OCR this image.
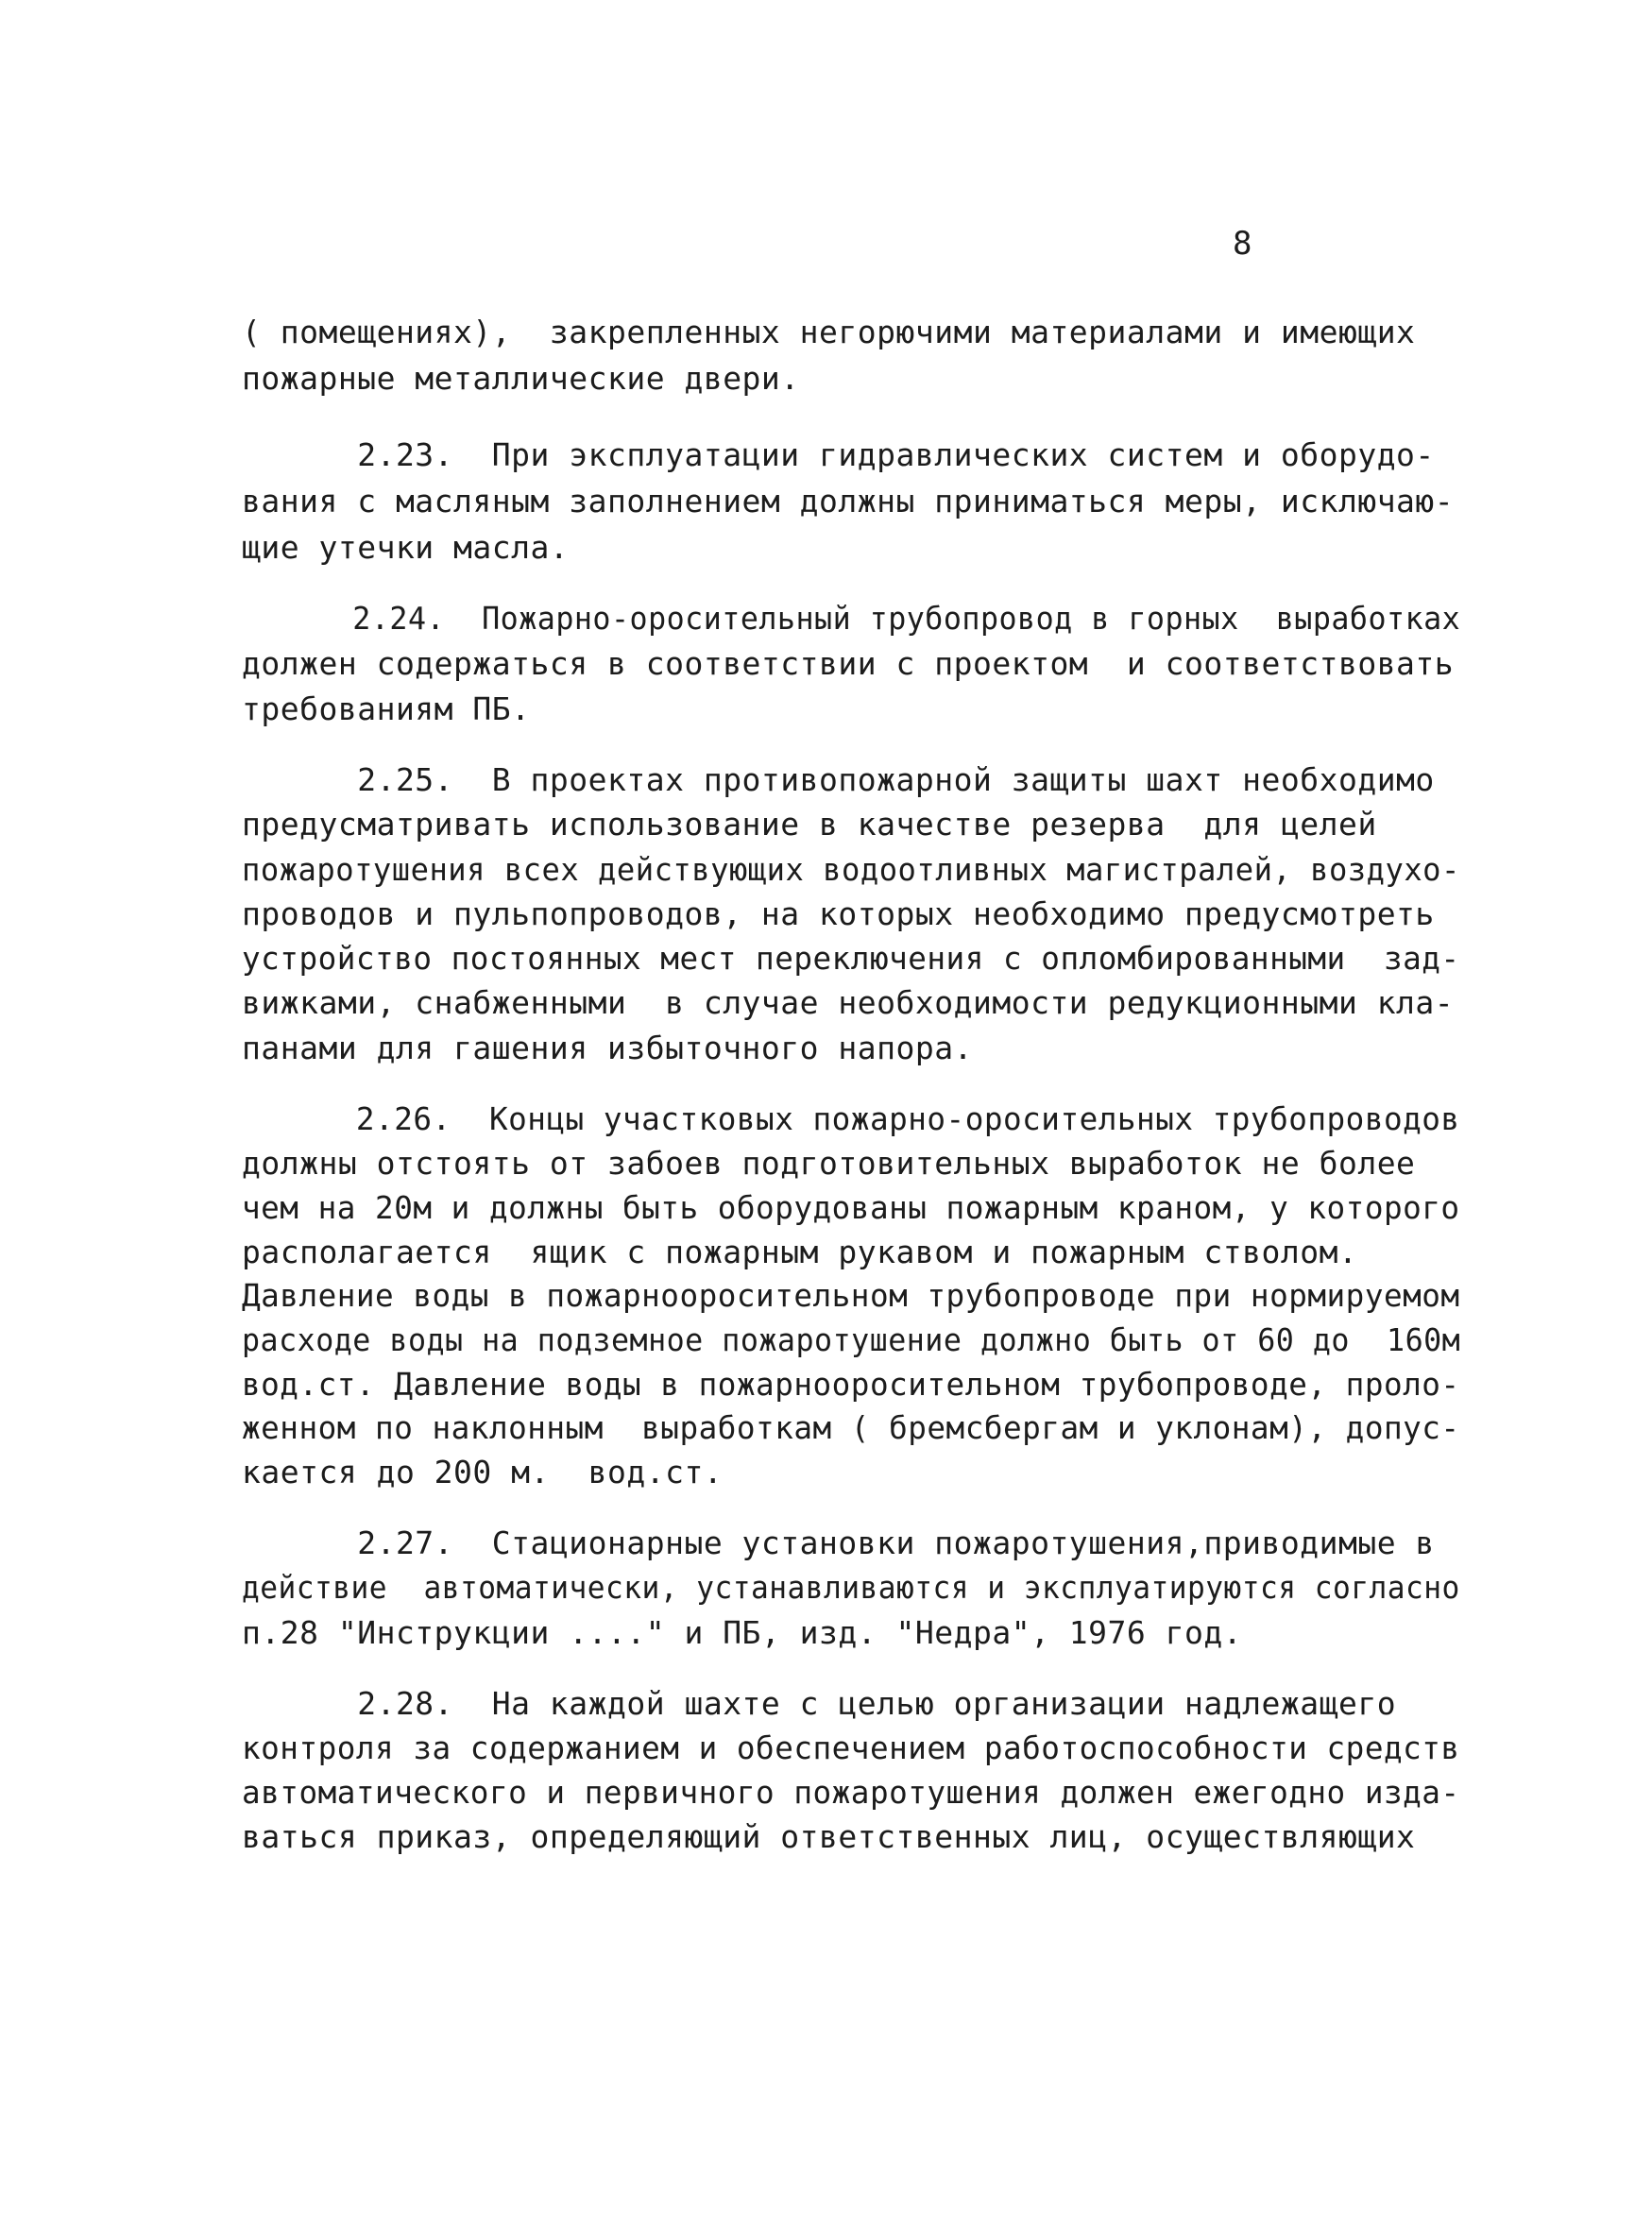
8
( помещениях),  закрепленных негорючими материалами и имеющих
пожарные металлические двери.
2.23.  При эксплуатации гидравлических систем и оборудо-
вания с масляным заполнением должны приниматься меры, исключаю-
щие утечки масла.
2.24.  Пожарно-оросительный трубопровод в горных  выработках
должен содержаться в соответствии с проектом  и соответствовать
требованиям ПБ.
2.25.  В проектах противопожарной защиты шахт необходимо
предусматривать использование в качестве резерва  для целей
пожаротушения всех действующих водоотливных магистралей, воздухо-
проводов и пульпопроводов, на которых необходимо предусмотреть
устройство постоянных мест переключения с опломбированными  зад-
вижками, снабженными  в случае необходимости редукционными кла-
панами для гашения избыточного напора.
2.26.  Концы участковых пожарно-оросительных трубопроводов
должны отстоять от забоев подготовительных выработок не более
чем на 20м и должны быть оборудованы пожарным краном, у которого
располагается  ящик с пожарным рукавом и пожарным стволом.
Давление воды в пожарнооросительном трубопроводе при нормируемом
расходе воды на подземное пожаротушение должно быть от 60 до  160м
вод.ст. Давление воды в пожарнооросительном трубопроводе, проло-
женном по наклонным  выработкам ( бремсбергам и уклонам), допус-
кается до 200 м.  вод.ст.
2.27.  Стационарные установки пожаротушения,приводимые в
действие  автоматически, устанавливаются и эксплуатируются согласно
п.28 "Инструкции ...." и ПБ, изд. "Недра", 1976 год.
2.28.  На каждой шахте с целью организации надлежащего
контроля за содержанием и обеспечением работоспособности средств
автоматического и первичного пожаротушения должен ежегодно изда-
ваться приказ, определяющий ответственных лиц, осуществляющих
